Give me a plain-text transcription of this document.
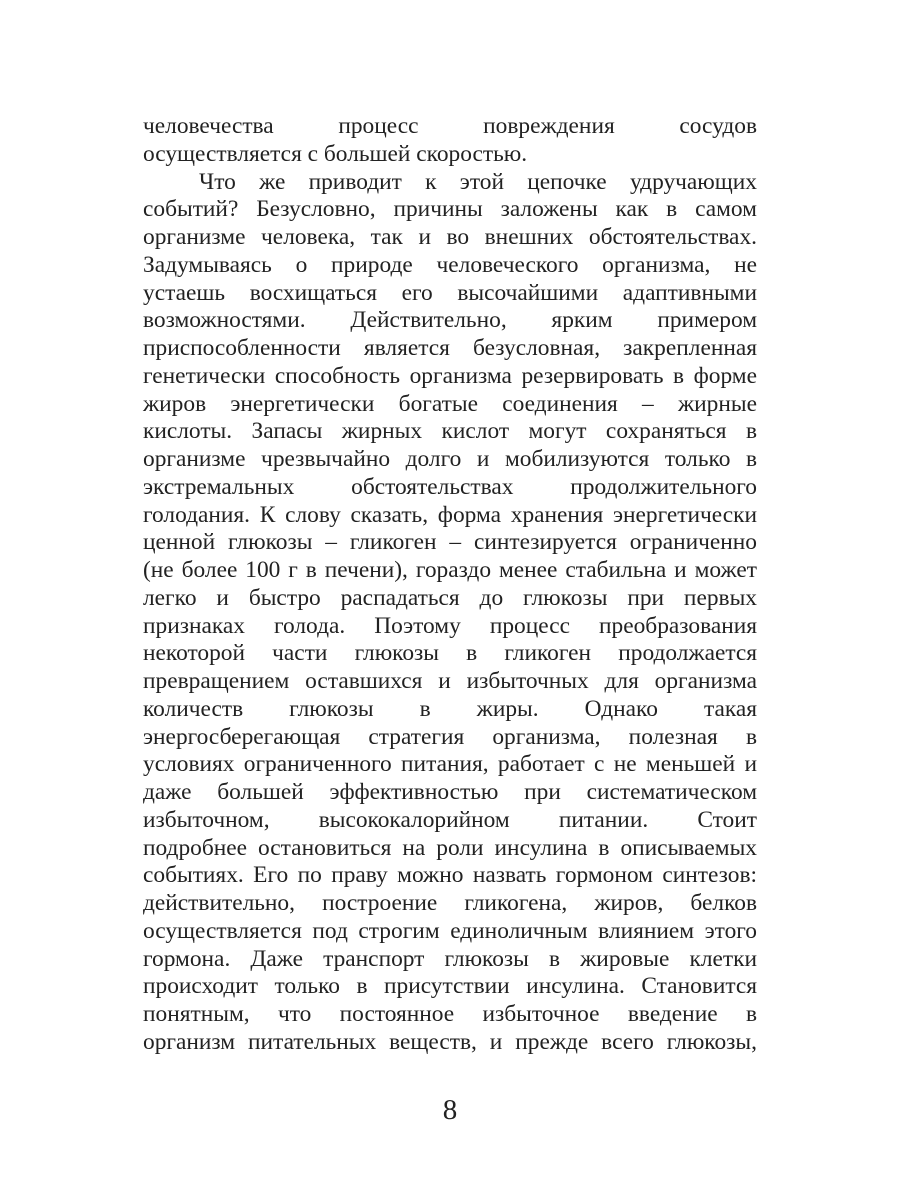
человечества процесс повреждения сосудов
осуществляется с большей скоростью.
Что же приводит к этой цепочке удручающих
событий? Безусловно, причины заложены как в самом
организме человека, так и во внешних обстоятельствах.
Задумываясь о природе человеческого организма, не
устаешь восхищаться его высочайшими адаптивными
возможностями. Действительно, ярким примером
приспособленности является безусловная, закрепленная
генетически способность организма резервировать в форме
жиров энергетически богатые соединения – жирные
кислоты. Запасы жирных кислот могут сохраняться в
организме чрезвычайно долго и мобилизуются только в
экстремальных обстоятельствах продолжительного
голодания. К слову сказать, форма хранения энергетически
ценной глюкозы – гликоген – синтезируется ограниченно
(не более 100 г в печени), гораздо менее стабильна и может
легко и быстро распадаться до глюкозы при первых
признаках голода. Поэтому процесс преобразования
некоторой части глюкозы в гликоген продолжается
превращением оставшихся и избыточных для организма
количеств глюкозы в жиры. Однако такая
энергосберегающая стратегия организма, полезная в
условиях ограниченного питания, работает с не меньшей и
даже большей эффективностью при систематическом
избыточном, высококалорийном питании. Стоит
подробнее остановиться на роли инсулина в описываемых
событиях. Его по праву можно назвать гормоном синтезов:
действительно, построение гликогена, жиров, белков
осуществляется под строгим единоличным влиянием этого
гормона. Даже транспорт глюкозы в жировые клетки
происходит только в присутствии инсулина. Становится
понятным, что постоянное избыточное введение в
организм питательных веществ, и прежде всего глюкозы,
8
